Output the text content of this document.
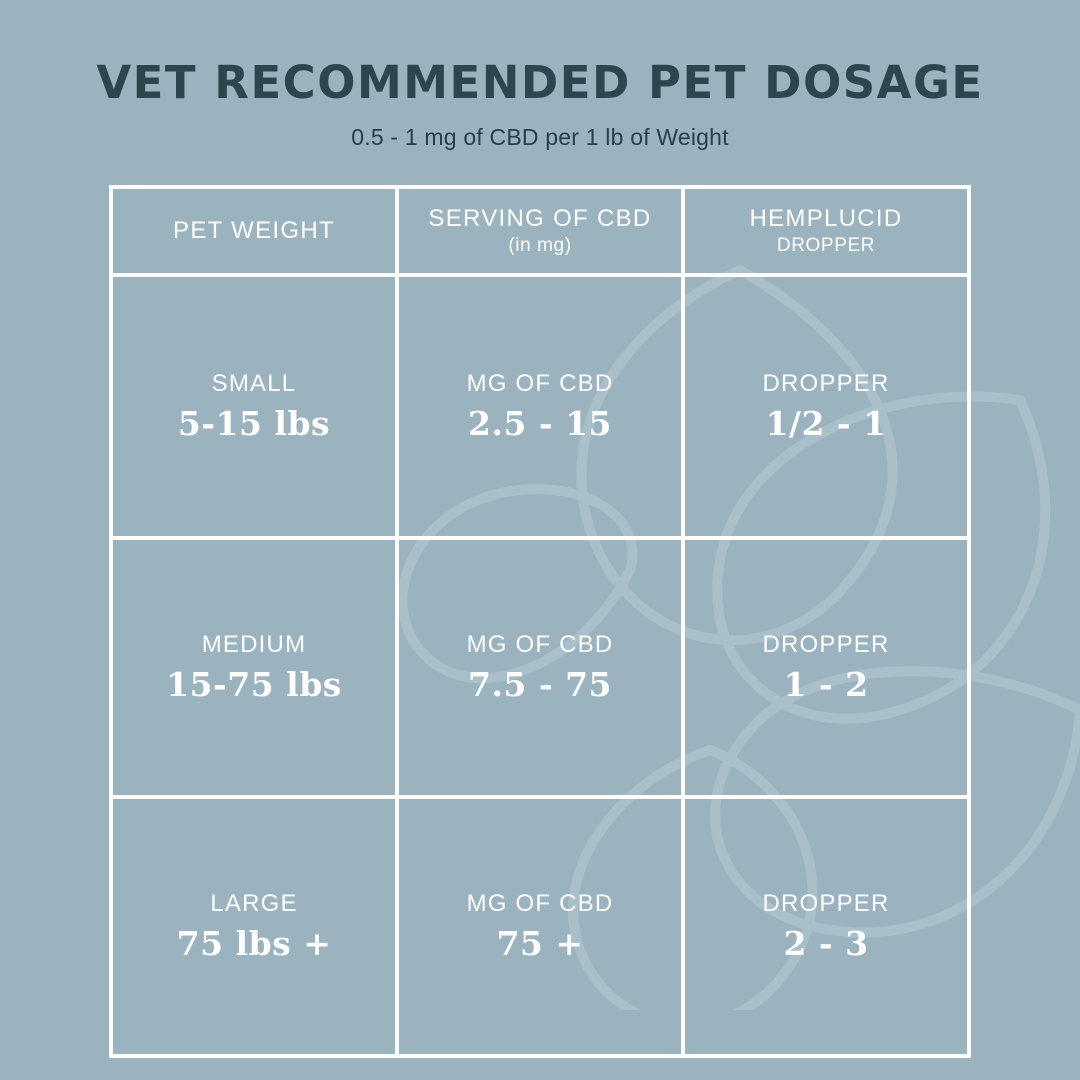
VET RECOMMENDED PET DOSAGE
0.5 - 1 mg of CBD per 1 lb of Weight
PET WEIGHT	SERVING OF CBD
(in mg)
HEMPLUCID
DROPPER
SMALL
5-15 lbs
MG OF CBD
2.5 - 15
DROPPER
1/2 - 1
MEDIUM
15-75 lbs
MG OF CBD
7.5 - 75
DROPPER
1 - 2
LARGE
75 lbs +
MG OF CBD
75 +
DROPPER
2 - 3
